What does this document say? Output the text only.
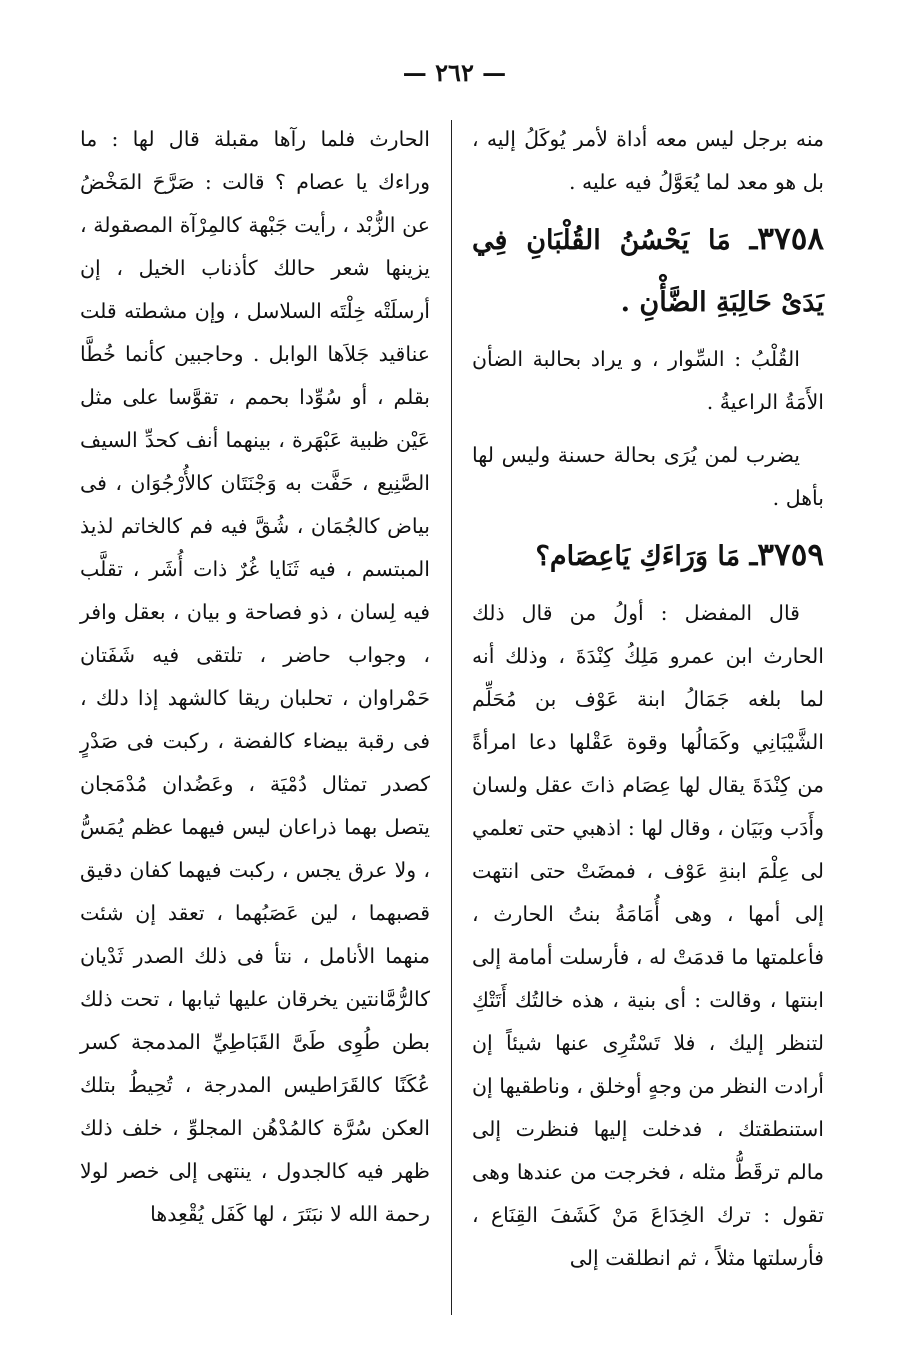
— ٢٦٢ —

منه برجل ليس معه أداة لأمر يُوكَلُ إليه ، بل هو معد لما يُعَوَّلُ فيه عليه .

٣٧٥٨ـ مَا يَحْسُنُ القُلْبَانِ فِي يَدَىْ حَالِبَةِ الضَّأْنِ .

القُلْبُ : السِّوار ، و يراد بحالبة الضأن الأَمَةُ الراعيةُ .

يضرب لمن يُرَى بحالة حسنة وليس لها بأهل .

٣٧٥٩ـ مَا وَرَاءَكِ يَاعِصَام؟

قال المفضل : أولُ من قال ذلك الحارث ابن عمرو مَلِكُ كِنْدَةَ ، وذلك أنه لما بلغه جَمَالُ ابنة عَوْف بن مُحَلِّم الشَّيْبَانِي وكَمَالُها وقوة عَقْلها دعا امرأةً من كِنْدَةَ يقال لها عِصَام ذاتَ عقل ولسان وأَدَب وبَيَان ، وقال لها : اذهبي حتى تعلمي لى عِلْمَ ابنةِ عَوْف ، فمضَتْ حتى انتهت إلى أمها ، وهى أُمَامَةُ بنتُ الحارث ، فأعلمتها ما قدمَتْ له ، فأرسلت أمامة إلى ابنتها ، وقالت : أى بنية ، هذه خالتُك أَتَتْكِ لتنظر إليك ، فلا تَسْتُرِى عنها شيئاً إن أرادت النظر من وجهٍ أوخلق ، وناطقيها إن استنطقتك ، فدخلت إليها فنظرت إلى مالم ترقَطُّ مثله ، فخرجت من عندها وهى تقول : ترك الخِدَاعَ مَنْ كَشَفَ القِنَاع ، فأرسلتها مثلاً ، ثم انطلقت إلى

الحارث فلما رآها مقبلة قال لها : ما وراءك يا عصام ؟ قالت : صَرَّحَ المَخْضُ عن الزُّبْد ، رأيت جَبْهة كالمِرْآة المصقولة ، يزينها شعر حالك كأذناب الخيل ، إن أرسلَتْه خِلْتَه السلاسل ، وإن مشطته قلت عناقيد جَلاَها الوابل . وحاجبين كأنما خُطَّا بقلم ، أو سُوِّدا بحمم ، تقوَّسا على مثل عَيْن ظبية عَبْهَرة ، بينهما أنف كحدِّ السيف الصَّنِيع ، حَفَّت به وَجْنَتَان كالأُرْجُوَان ، فى بياض كالجُمَان ، شُقَّ فيه فم كالخاتم لذيذ المبتسم ، فيه ثَنَايا غُرٌ ذات أُشَر ، تقلَّب فيه لِسان ، ذو فصاحة و بيان ، بعقل وافر ، وجواب حاضر ، تلتقى فيه شَفَتان حَمْراوان ، تحلبان ريقا كالشهد إذا دلك ، فى رقبة بيضاء كالفضة ، ركبت فى صَدْرٍ كصدر تمثال دُمْيَة ، وعَضُدان مُدْمَجان يتصل بهما ذراعان ليس فيهما عظم يُمَسُّ ، ولا عرق يجس ، ركبت فيهما كفان دقيق قصبهما ، لين عَصَبُهما ، تعقد إن شئت منهما الأنامل ، نتأ فى ذلك الصدر ثَدْيان كالرُّمَّانتين يخرقان عليها ثيابها ، تحت ذلك بطن طُوِى طَىَّ القَبَاطِيِّ المدمجة كسر عُكَنًا كالقَرَاطيس المدرجة ، تُحِيطُ بتلك العكن سُرَّة كالمُدْهُن المجلوِّ ، خلف ذلك ظهر فيه كالجدول ، ينتهى إلى خصر لولا رحمة الله لا نبَتَرَ ، لها كَفَل يُقْعِدها
